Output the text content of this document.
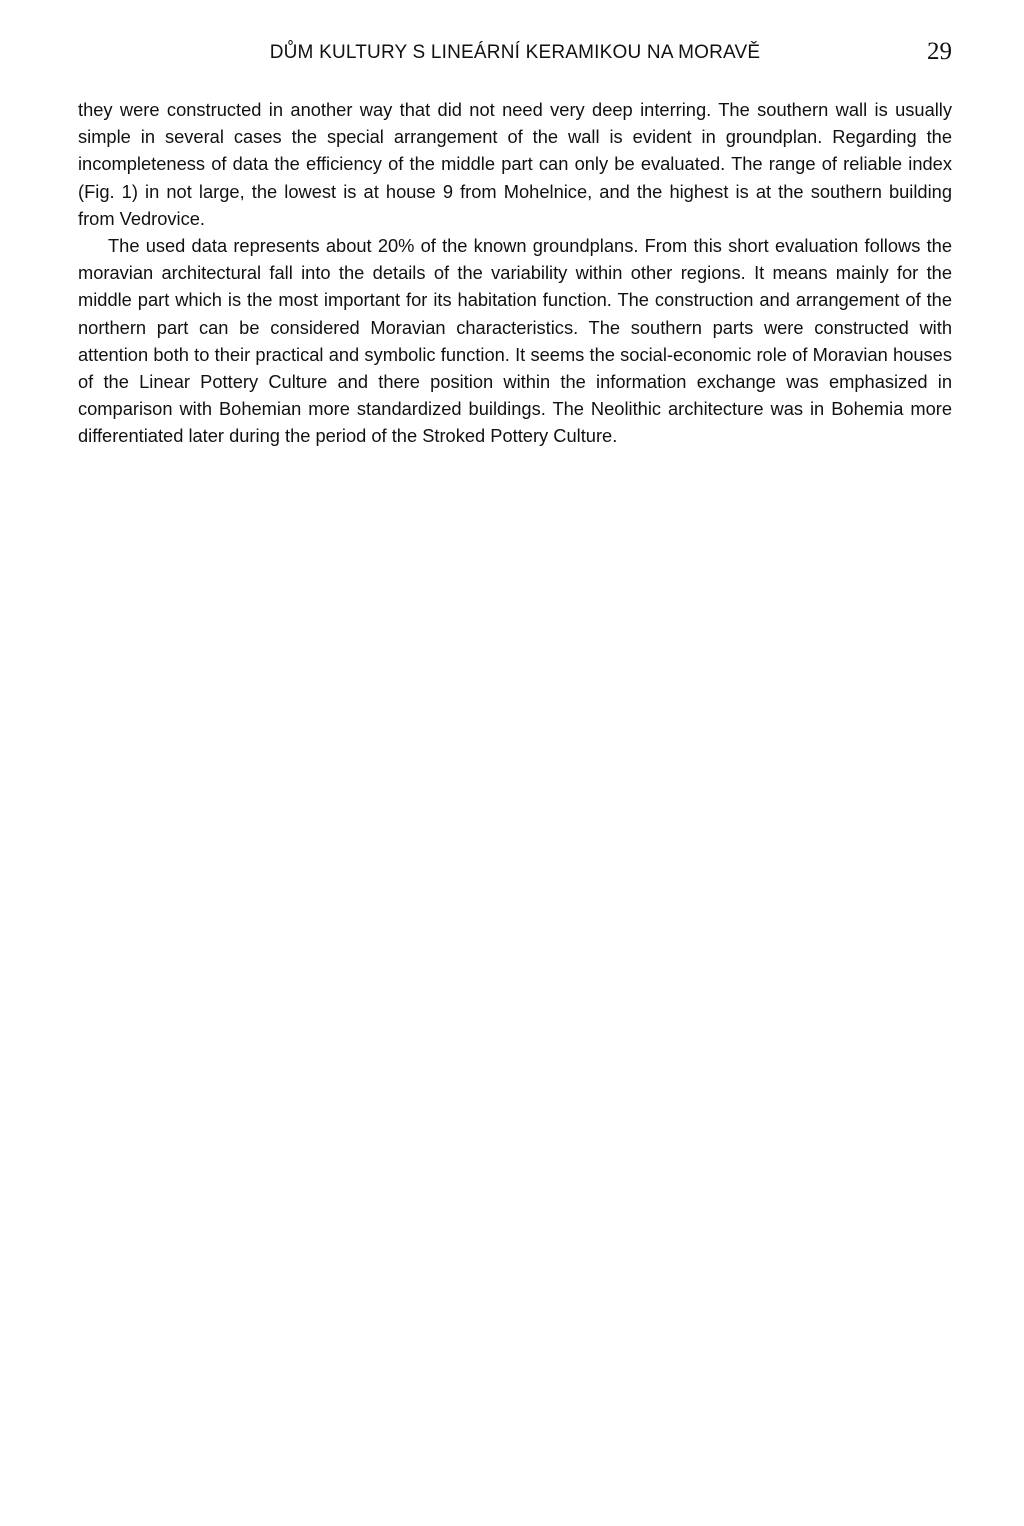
DŮM KULTURY S LINEÁRNÍ KERAMIKOU NA MORAVĚ	29

they were constructed in another way that did not need very deep interring. The southern wall is usually simple in several cases the special arrangement of the wall is evident in groundplan. Regarding the incompleteness of data the efficiency of the middle part can only be evaluated. The range of reliable index (Fig. 1) in not large, the lowest is at house 9 from Mohelnice, and the highest is at the southern building from Vedrovice.

The used data represents about 20% of the known groundplans. From this short evaluation follows the moravian architectural fall into the details of the variability within other regions. It means mainly for the middle part which is the most important for its habitation function. The construction and arrangement of the northern part can be considered Moravian characteristics. The southern parts were constructed with attention both to their practical and symbolic function. It seems the social-economic role of Moravian houses of the Linear Pottery Culture and there position within the information exchange was emphasized in comparison with Bohemian more standardized buildings. The Neolithic architecture was in Bohemia more differentiated later during the period of the Stroked Pottery Culture.
